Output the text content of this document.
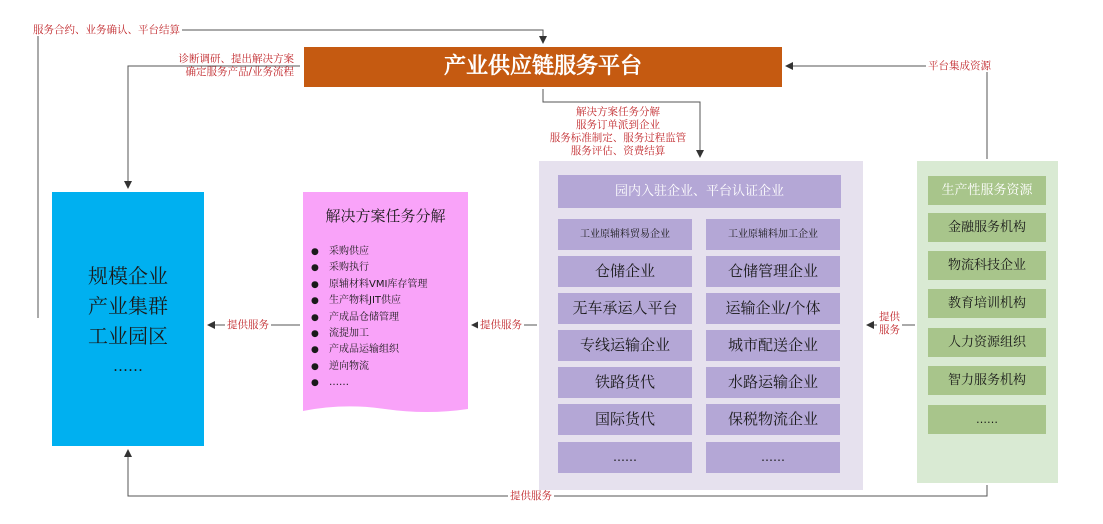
产业供应链服务平台
规模企业
产业集群
工业园区
……
解决方案任务分解
● 采购供应
● 采购执行
● 原辅材料VMI库存管理
● 生产物料JIT供应
● 产成品仓储管理
● 流提加工
● 产成品运输组织
● 逆向物流
● ……
园内入驻企业、平台认证企业
工业原辅料贸易企业
仓储企业
无车承运人平台
专线运输企业
铁路货代
国际货代
……
工业原辅料加工企业
仓储管理企业
运输企业/个体
城市配送企业
水路运输企业
保税物流企业
……
生产性服务资源
金融服务机构
物流科技企业
教育培训机构
人力资源组织
智力服务机构
……
服务合约、业务确认、平台结算
诊断调研、提出解决方案
确定服务产品/业务流程	平台集成资源
解决方案任务分解
服务订单派到企业
服务标准制定、服务过程监管
服务评估、资费结算
提供服务	提供服务
提供
服务
提供服务
